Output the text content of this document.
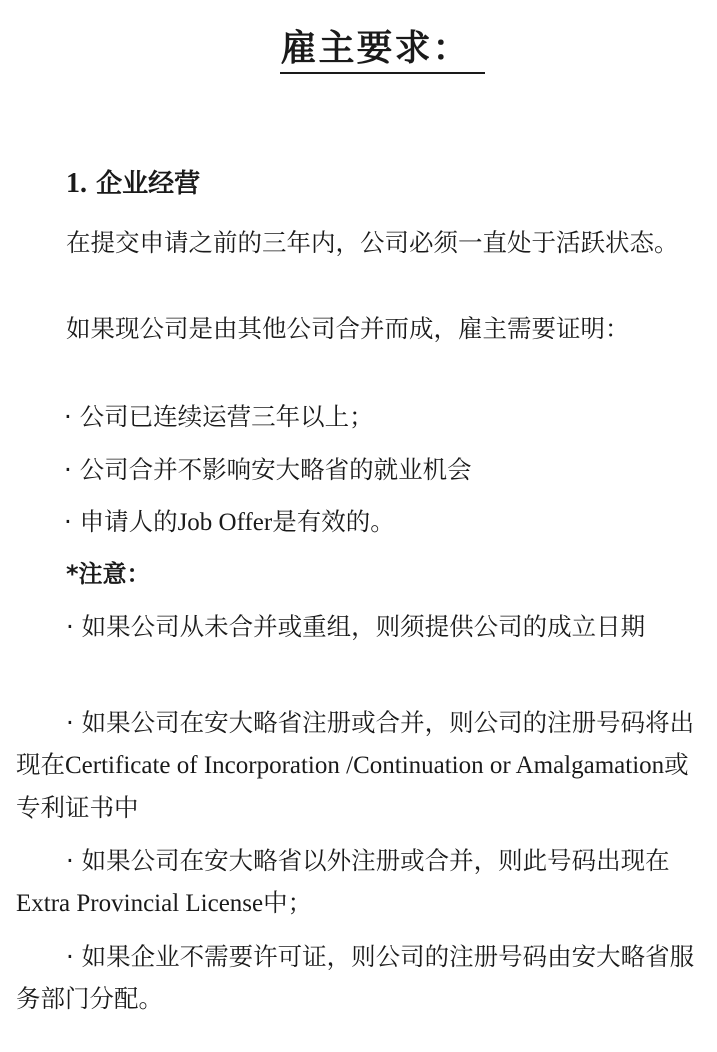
雇主要求：
1. 企业经营
在提交申请之前的三年内，公司必须一直处于活跃状态。
如果现公司是由其他公司合并而成，雇主需要证明：
· 公司已连续运营三年以上；
· 公司合并不影响安大略省的就业机会
· 申请人的Job Offer是有效的。
*注意：
· 如果公司从未合并或重组，则须提供公司的成立日期
· 如果公司在安大略省注册或合并，则公司的注册号码将出现在Certificate of Incorporation /Continuation or Amalgamation或专利证书中
· 如果公司在安大略省以外注册或合并，则此号码出现在Extra Provincial License中；
· 如果企业不需要许可证，则公司的注册号码由安大略省服务部门分配。
